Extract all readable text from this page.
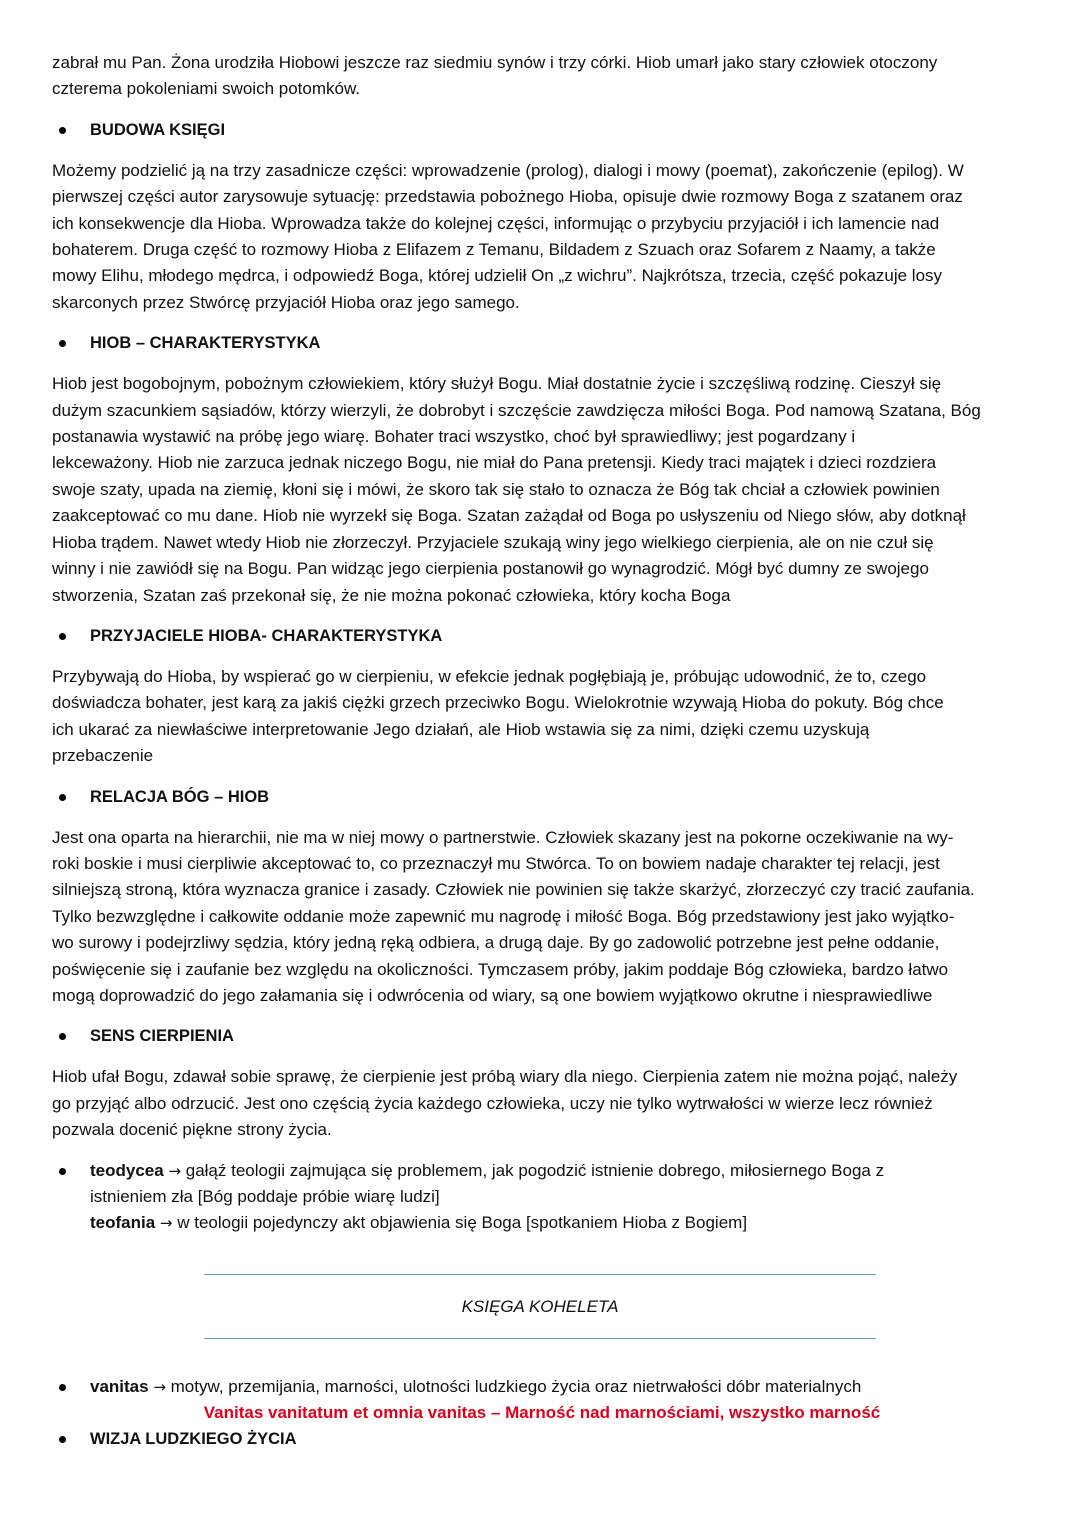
zabrał mu Pan. Żona urodziła Hiobowi jeszcze raz siedmiu synów i trzy córki. Hiob umarł jako stary człowiek otoczony

czterema pokoleniami swoich potomków.

BUDOWA KSIĘGI

Możemy podzielić ją na trzy zasadnicze części: wprowadzenie (prolog), dialogi i mowy (poemat), zakończenie (epilog). W

pierwszej części autor zarysowuje sytuację: przedstawia pobożnego Hioba, opisuje dwie rozmowy Boga z szatanem oraz

ich konsekwencje dla Hioba. Wprowadza także do kolejnej części, informując o przybyciu przyjaciół i ich lamencie nad

bohaterem. Druga część to rozmowy Hioba z Elifazem z Temanu, Bildadem z Szuach oraz Sofarem z Naamy, a także

mowy Elihu, młodego mędrca, i odpowiedź Boga, której udzielił On „z wichru”. Najkrótsza, trzecia, część pokazuje losy

skarconych przez Stwórcę przyjaciół Hioba oraz jego samego.

HIOB – CHARAKTERYSTYKA

Hiob jest bogobojnym, pobożnym człowiekiem, który służył Bogu. Miał dostatnie życie i szczęśliwą rodzinę. Cieszył się

dużym szacunkiem sąsiadów, którzy wierzyli, że dobrobyt i szczęście zawdzięcza miłości Boga. Pod namową Szatana, Bóg

postanawia wystawić na próbę jego wiarę. Bohater traci wszystko, choć był sprawiedliwy; jest pogardzany i

lekceważony. Hiob nie zarzuca jednak niczego Bogu, nie miał do Pana pretensji. Kiedy traci majątek i dzieci rozdziera

swoje szaty, upada na ziemię, kłoni się i mówi, że skoro tak się stało to oznacza że Bóg tak chciał a człowiek powinien

zaakceptować co mu dane. Hiob nie wyrzekł się Boga. Szatan zażądał od Boga po usłyszeniu od Niego słów, aby dotknął

Hioba trądem. Nawet wtedy Hiob nie złorzeczył. Przyjaciele szukają winy jego wielkiego cierpienia, ale on nie czuł się

winny i nie zawiódł się na Bogu. Pan widząc jego cierpienia postanowił go wynagrodzić. Mógł być dumny ze swojego

stworzenia, Szatan zaś przekonał się, że nie można pokonać człowieka, który kocha Boga

PRZYJACIELE HIOBA- CHARAKTERYSTYKA

Przybywają do Hioba, by wspierać go w cierpieniu, w efekcie jednak pogłębiają je, próbując udowodnić, że to, czego

doświadcza bohater, jest karą za jakiś ciężki grzech przeciwko Bogu. Wielokrotnie wzywają Hioba do pokuty. Bóg chce

ich ukarać za niewłaściwe interpretowanie Jego działań, ale Hiob wstawia się za nimi, dzięki czemu uzyskują

przebaczenie

RELACJA BÓG – HIOB

Jest ona oparta na hierarchii, nie ma w niej mowy o partnerstwie. Człowiek skazany jest na pokorne oczekiwanie na wy-

roki boskie i musi cierpliwie akceptować to, co przeznaczył mu Stwórca. To on bowiem nadaje charakter tej relacji, jest

silniejszą stroną, która wyznacza granice i zasady. Człowiek nie powinien się także skarżyć, złorzeczyć czy tracić zaufania.

Tylko bezwzględne i całkowite oddanie może zapewnić mu nagrodę i miłość Boga. Bóg przedstawiony jest jako wyjątko-

wo surowy i podejrzliwy sędzia, który jedną ręką odbiera, a drugą daje. By go zadowolić potrzebne jest pełne oddanie,

poświęcenie się i zaufanie bez względu na okoliczności. Tymczasem próby, jakim poddaje Bóg człowieka, bardzo łatwo

mogą doprowadzić do jego załamania się i odwrócenia od wiary, są one bowiem wyjątkowo okrutne i niesprawiedliwe

SENS CIERPIENIA

Hiob ufał Bogu, zdawał sobie sprawę, że cierpienie jest próbą wiary dla niego. Cierpienia zatem nie można pojąć, należy

go przyjąć albo odrzucić. Jest ono częścią życia każdego człowieka, uczy nie tylko wytrwałości w wierze lecz również

pozwala docenić piękne strony życia.

teodycea → gałąź teologii zajmująca się problemem, jak pogodzić istnienie dobrego, miłosiernego Boga z
istnieniem zła [Bóg poddaje próbie wiarę ludzi]
teofania → w teologii pojedynczy akt objawienia się Boga [spotkaniem Hioba z Bogiem]
KSIĘGA KOHELETA
vanitas → motyw, przemijania, marności, ulotności ludzkiego życia oraz nietrwałości dóbr materialnych
Vanitas vanitatum et omnia vanitas – Marność nad marnościami, wszystko marność
WIZJA LUDZKIEGO ŻYCIA
